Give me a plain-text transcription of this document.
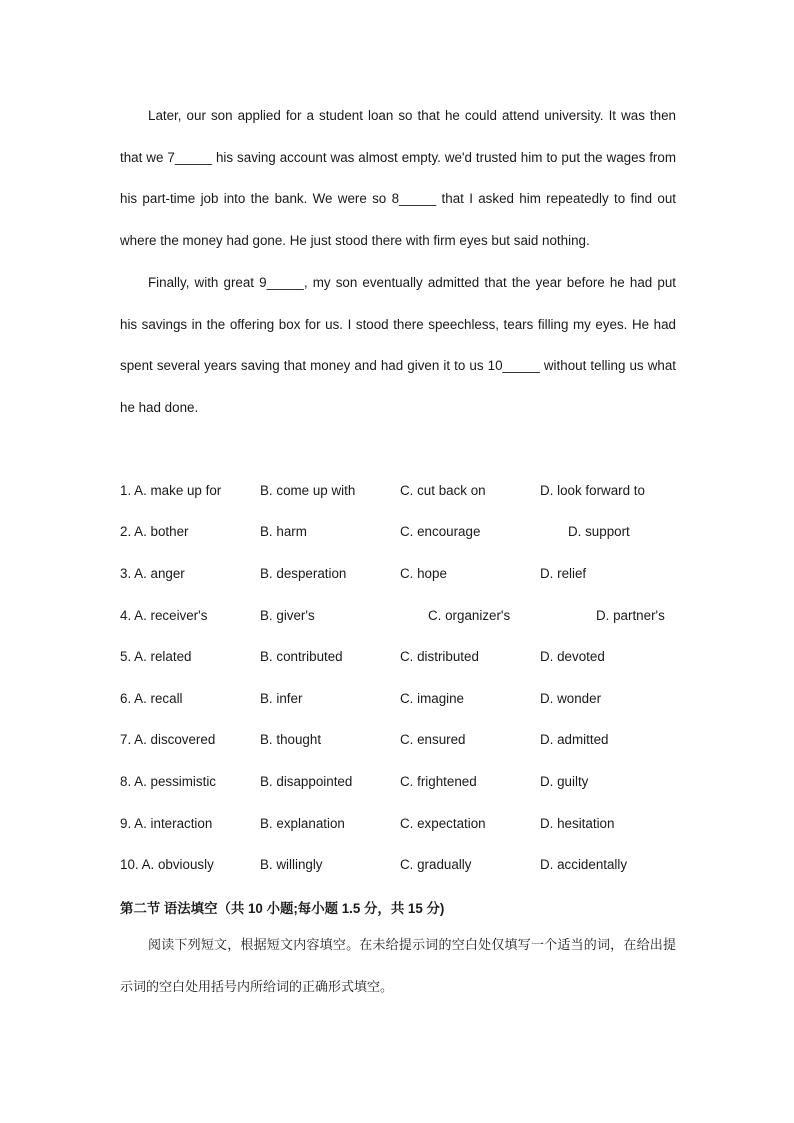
Later, our son applied for a student loan so that he could attend university. It was then that we 7_____ his saving account was almost empty. we'd trusted him to put the wages from his part-time job into the bank. We were so 8_____ that I asked him repeatedly to find out where the money had gone. He just stood there with firm eyes but said nothing.

Finally, with great 9_____, my son eventually admitted that the year before he had put his savings in the offering box for us. I stood there speechless, tears filling my eyes. He had spent several years saving that money and had given it to us 10_____ without telling us what he had done.

1. A. make up for	B. come up with	C. cut back on	D. look forward to
2. A. bother	B. harm	C. encourage	D. support
3. A. anger	B. desperation	C. hope	D. relief
4. A. receiver's	B. giver's	C. organizer's	D. partner's
5. A. related	B. contributed	C. distributed	D. devoted
6. A. recall	B. infer	C. imagine	D. wonder
7. A. discovered	B. thought	C. ensured	D. admitted
8. A. pessimistic	B. disappointed	C. frightened	D. guilty
9. A. interaction	B. explanation	C. expectation	D. hesitation
10. A. obviously	B. willingly	C. gradually	D. accidentally
第二节 语法填空（共 10 小题;每小题 1.5 分，共 15 分)

阅读下列短文，根据短文内容填空。在未给提示词的空白处仅填写一个适当的词，在给出提示词的空白处用括号内所给词的正确形式填空。
